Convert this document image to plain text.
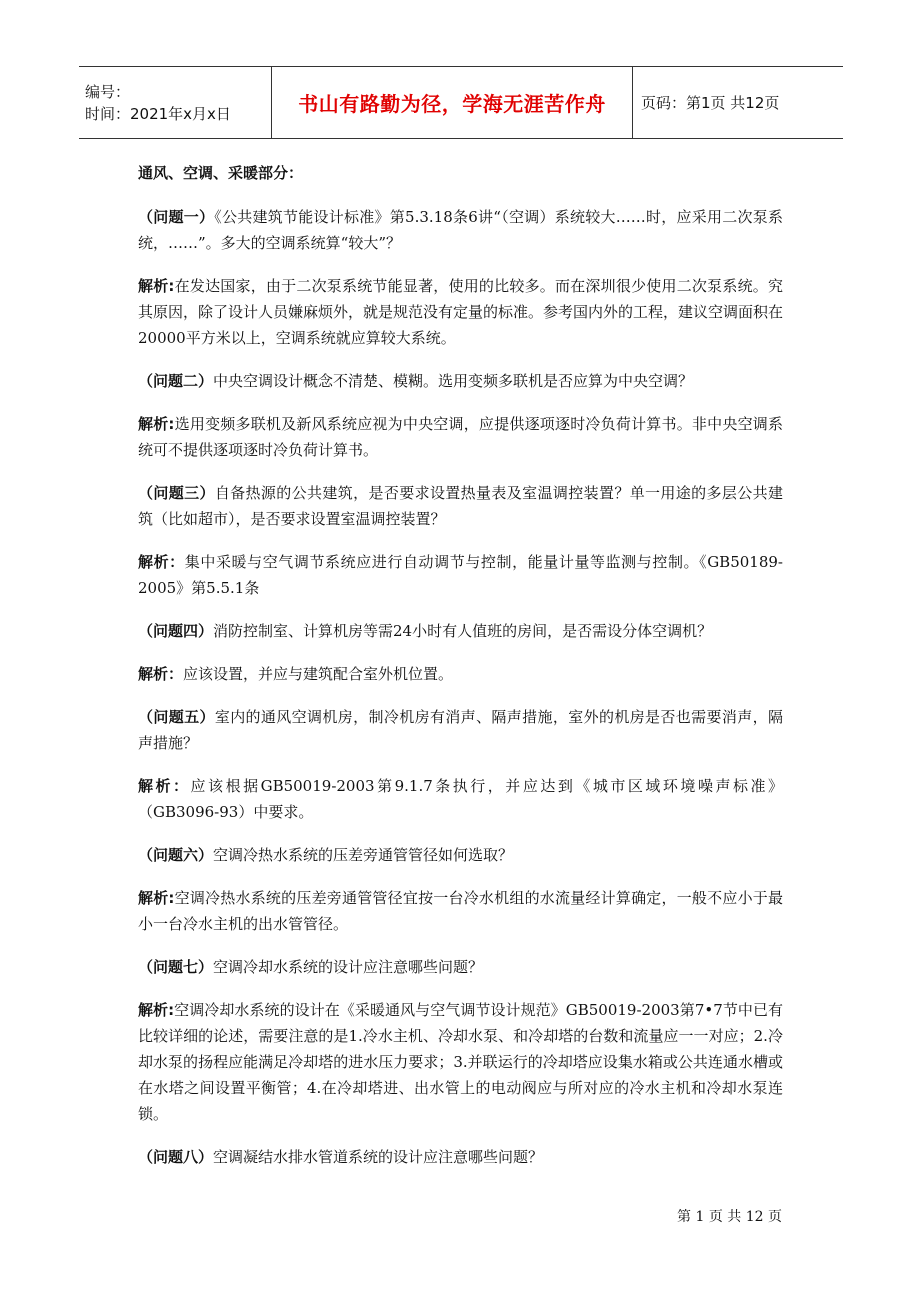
编号：
时间：2021年x月x日	书山有路勤为径，学海无涯苦作舟 页码：第1页 共12页
通风、空调、采暖部分：

（问题一）《公共建筑节能设计标准》第5.3.18条6讲“（空调）系统较大……时，应采用二次泵系统，……”。多大的空调系统算“较大”？

解析:在发达国家，由于二次泵系统节能显著，使用的比较多。而在深圳很少使用二次泵系统。究其原因，除了设计人员嫌麻烦外，就是规范没有定量的标准。参考国内外的工程，建议空调面积在20000平方米以上，空调系统就应算较大系统。

（问题二）中央空调设计概念不清楚、模糊。选用变频多联机是否应算为中央空调？

解析:选用变频多联机及新风系统应视为中央空调，应提供逐项逐时冷负荷计算书。非中央空调系统可不提供逐项逐时冷负荷计算书。

（问题三）自备热源的公共建筑，是否要求设置热量表及室温调控装置？单一用途的多层公共建筑（比如超市），是否要求设置室温调控装置？

解析：集中采暖与空气调节系统应进行自动调节与控制，能量计量等监测与控制。《GB50189-2005》第5.5.1条

（问题四）消防控制室、计算机房等需24小时有人值班的房间，是否需设分体空调机？

解析：应该设置，并应与建筑配合室外机位置。

（问题五）室内的通风空调机房，制冷机房有消声、隔声措施，室外的机房是否也需要消声，隔声措施？

解析：应该根据GB50019-2003第9.1.7条执行，并应达到《城市区域环境噪声标准》（GB3096-93）中要求。

（问题六）空调冷热水系统的压差旁通管管径如何选取？

解析:空调冷热水系统的压差旁通管管径宜按一台冷水机组的水流量经计算确定，一般不应小于最小一台冷水主机的出水管管径。

（问题七）空调冷却水系统的设计应注意哪些问题？

解析:空调冷却水系统的设计在《采暖通风与空气调节设计规范》GB50019-2003第7•7节中已有比较详细的论述，需要注意的是1.冷水主机、冷却水泵、和冷却塔的台数和流量应一一对应；2.冷却水泵的扬程应能满足冷却塔的进水压力要求；3.并联运行的冷却塔应设集水箱或公共连通水槽或在水塔之间设置平衡管；4.在冷却塔进、出水管上的电动阀应与所对应的冷水主机和冷却水泵连锁。

（问题八）空调凝结水排水管道系统的设计应注意哪些问题？

第 1 页 共 12 页
